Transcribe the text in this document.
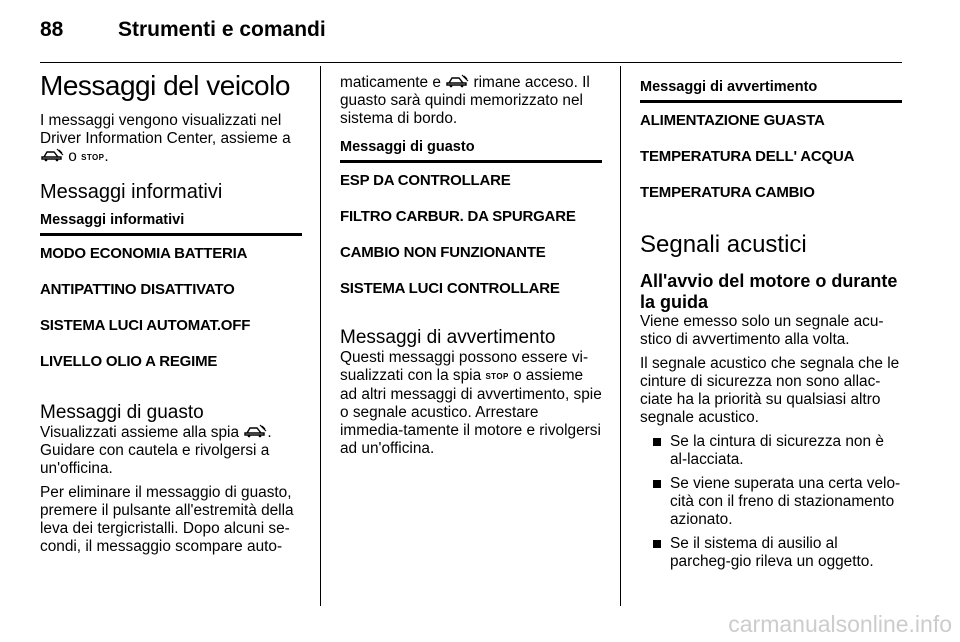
88	Strumenti e comandi
Messaggi del veicolo

I messaggi vengono visualizzati nel Driver Information Center, assieme a
o STOP.

Messaggi informativi
Messaggi informativi
MODO ECONOMIA BATTERIA
ANTIPATTINO DISATTIVATO
SISTEMA LUCI AUTOMAT.OFF
LIVELLO OLIO A REGIME
Messaggi di guasto

Visualizzati assieme alla spia . Guidare con cautela e rivolgersi a un'officina.

Per eliminare il messaggio di guasto, premere il pulsante all'estremità della leva dei tergicristalli. Dopo alcuni se-condi, il messaggio scompare auto-

maticamente e rimane acceso. Il guasto sarà quindi memorizzato nel sistema di bordo.

Messaggi di guasto
ESP DA CONTROLLARE
FILTRO CARBUR. DA SPURGARE
CAMBIO NON FUNZIONANTE
SISTEMA LUCI CONTROLLARE
Messaggi di avvertimento

Questi messaggi possono essere vi-sualizzati con la spia STOP o assieme ad altri messaggi di avvertimento, spie o segnale acustico. Arrestare immedia-tamente il motore e rivolgersi ad un'officina.

Messaggi di avvertimento
ALIMENTAZIONE GUASTA
TEMPERATURA DELL' ACQUA
TEMPERATURA CAMBIO
Segnali acustici
All'avvio del motore o durante la guida

Viene emesso solo un segnale acu-stico di avvertimento alla volta.

Il segnale acustico che segnala che le cinture di sicurezza non sono allac-ciate ha la priorità su qualsiasi altro segnale acustico.

Se la cintura di sicurezza non è al-lacciata.
Se viene superata una certa velo-cità con il freno di stazionamento azionato.
Se il sistema di ausilio al parcheg-gio rileva un oggetto.
carmanualsonline.info
